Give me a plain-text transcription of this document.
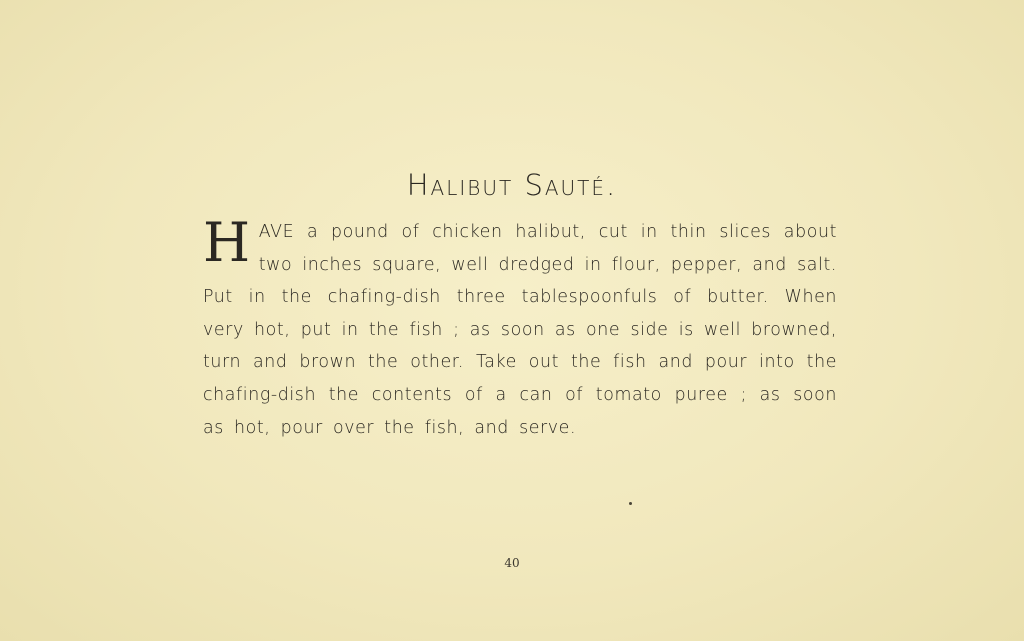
Halibut Sauté.
HAVE a pound of chicken halibut, cut in thin slices about two inches square, well dredged in flour, pepper, and salt. Put in the chafing-dish three tablespoonfuls of butter. When very hot, put in the fish ; as soon as one side is well browned, turn and brown the other. Take out the fish and pour into the chafing-dish the contents of a can of tomato puree ; as soon as hot, pour over the fish, and serve.
40
